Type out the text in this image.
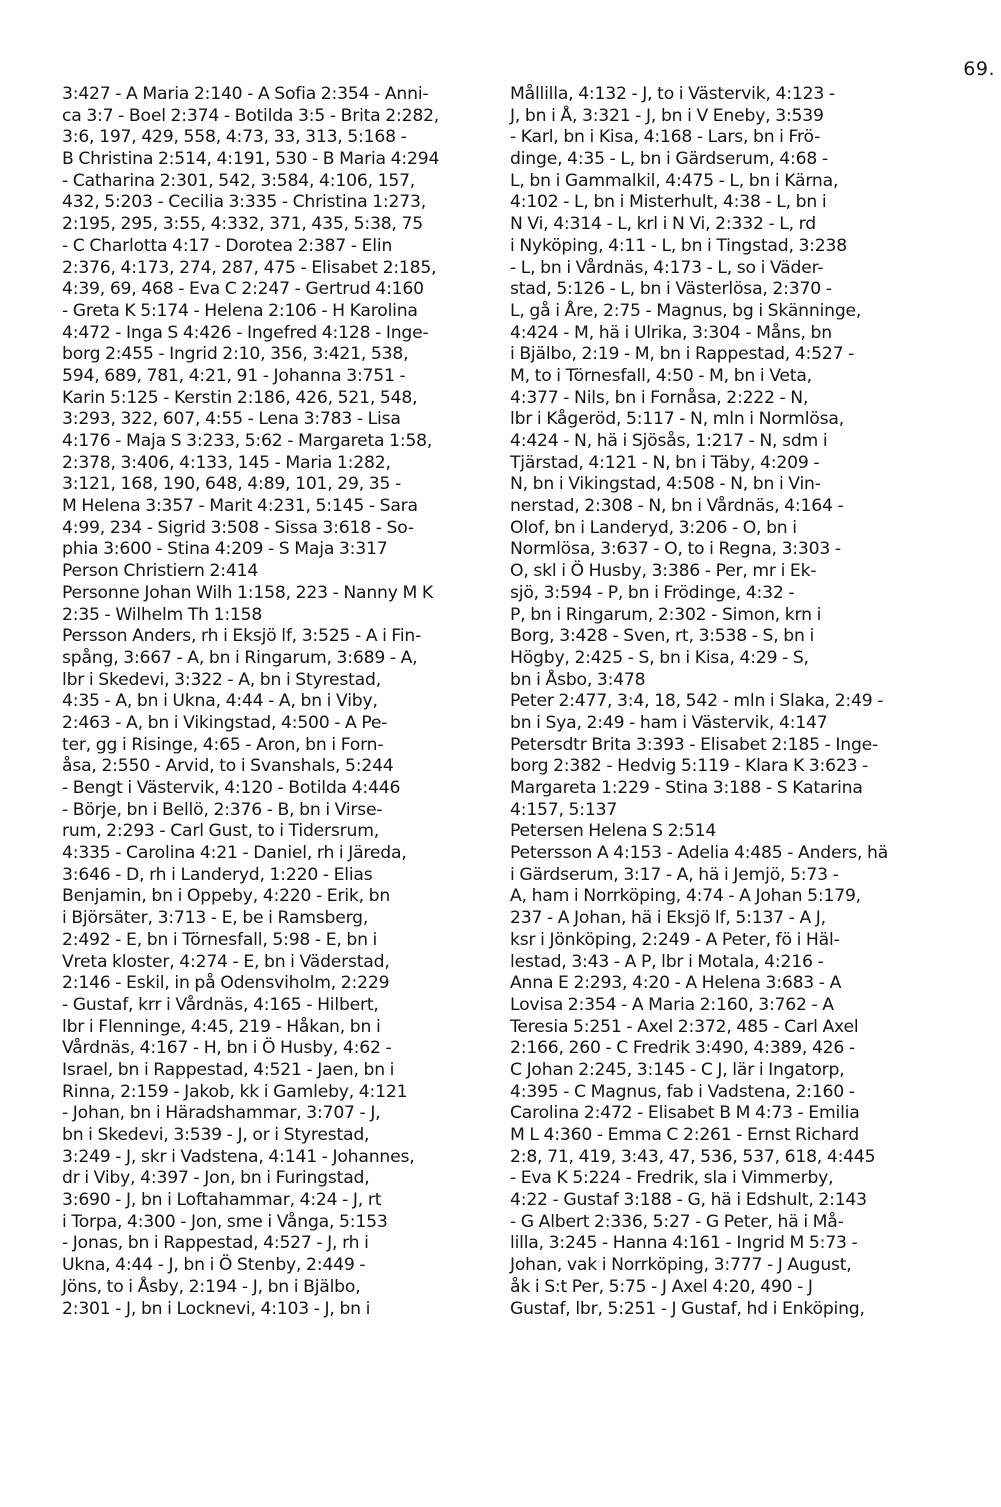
69.
3:427 - A Maria 2:140 - A Sofia 2:354 - Anni-
ca 3:7 - Boel 2:374 - Botilda 3:5 - Brita 2:282,
3:6, 197, 429, 558, 4:73, 33, 313, 5:168 -
B Christina 2:514, 4:191, 530 - B Maria 4:294
- Catharina 2:301, 542, 3:584, 4:106, 157,
432, 5:203 - Cecilia 3:335 - Christina 1:273,
2:195, 295, 3:55, 4:332, 371, 435, 5:38, 75
- C Charlotta 4:17 - Dorotea 2:387 - Elin
2:376, 4:173, 274, 287, 475 - Elisabet 2:185,
4:39, 69, 468 - Eva C 2:247 - Gertrud 4:160
- Greta K 5:174 - Helena 2:106 - H Karolina
4:472 - Inga S 4:426 - Ingefred 4:128 - Inge-
borg 2:455 - Ingrid 2:10, 356, 3:421, 538,
594, 689, 781, 4:21, 91 - Johanna 3:751 -
Karin 5:125 - Kerstin 2:186, 426, 521, 548,
3:293, 322, 607, 4:55 - Lena 3:783 - Lisa
4:176 - Maja S 3:233, 5:62 - Margareta 1:58,
2:378, 3:406, 4:133, 145 - Maria 1:282,
3:121, 168, 190, 648, 4:89, 101, 29, 35 -
M Helena 3:357 - Marit 4:231, 5:145 - Sara
4:99, 234 - Sigrid 3:508 - Sissa 3:618 - So-
phia 3:600 - Stina 4:209 - S Maja 3:317
Person Christiern 2:414
Personne Johan Wilh 1:158, 223 - Nanny M K
2:35 - Wilhelm Th 1:158
Persson Anders, rh i Eksjö lf, 3:525 - A i Fin-
spång, 3:667 - A, bn i Ringarum, 3:689 - A,
lbr i Skedevi, 3:322 - A, bn i Styrestad,
4:35 - A, bn i Ukna, 4:44 - A, bn i Viby,
2:463 - A, bn i Vikingstad, 4:500 - A Pe-
ter, gg i Risinge, 4:65 - Aron, bn i Forn-
åsa, 2:550 - Arvid, to i Svanshals, 5:244
- Bengt i Västervik, 4:120 - Botilda 4:446
- Börje, bn i Bellö, 2:376 - B, bn i Virse-
rum, 2:293 - Carl Gust, to i Tidersrum,
4:335 - Carolina 4:21 - Daniel, rh i Järeda,
3:646 - D, rh i Landeryd, 1:220 - Elias
Benjamin, bn i Oppeby, 4:220 - Erik, bn
i Björsäter, 3:713 - E, be i Ramsberg,
2:492 - E, bn i Törnesfall, 5:98 - E, bn i
Vreta kloster, 4:274 - E, bn i Väderstad,
2:146 - Eskil, in på Odensviholm, 2:229
- Gustaf, krr i Vårdnäs, 4:165 - Hilbert,
lbr i Flenninge, 4:45, 219 - Håkan, bn i
Vårdnäs, 4:167 - H, bn i Ö Husby, 4:62 -
Israel, bn i Rappestad, 4:521 - Jaen, bn i
Rinna, 2:159 - Jakob, kk i Gamleby, 4:121
- Johan, bn i Häradshammar, 3:707 - J,
bn i Skedevi, 3:539 - J, or i Styrestad,
3:249 - J, skr i Vadstena, 4:141 - Johannes,
dr i Viby, 4:397 - Jon, bn i Furingstad,
3:690 - J, bn i Loftahammar, 4:24 - J, rt
i Torpa, 4:300 - Jon, sme i Vånga, 5:153
- Jonas, bn i Rappestad, 4:527 - J, rh i
Ukna, 4:44 - J, bn i Ö Stenby, 2:449 -
Jöns, to i Åsby, 2:194 - J, bn i Bjälbo,
2:301 - J, bn i Locknevi, 4:103 - J, bn i
Mållilla, 4:132 - J, to i Västervik, 4:123 -
J, bn i Å, 3:321 - J, bn i V Eneby, 3:539
- Karl, bn i Kisa, 4:168 - Lars, bn i Frö-
dinge, 4:35 - L, bn i Gärdserum, 4:68 -
L, bn i Gammalkil, 4:475 - L, bn i Kärna,
4:102 - L, bn i Misterhult, 4:38 - L, bn i
N Vi, 4:314 - L, krl i N Vi, 2:332 - L, rd
i Nyköping, 4:11 - L, bn i Tingstad, 3:238
- L, bn i Vårdnäs, 4:173 - L, so i Väder-
stad, 5:126 - L, bn i Västerlösa, 2:370 -
L, gå i Åre, 2:75 - Magnus, bg i Skänninge,
4:424 - M, hä i Ulrika, 3:304 - Måns, bn
i Bjälbo, 2:19 - M, bn i Rappestad, 4:527 -
M, to i Törnesfall, 4:50 - M, bn i Veta,
4:377 - Nils, bn i Fornåsa, 2:222 - N,
lbr i Kågeröd, 5:117 - N, mln i Normlösa,
4:424 - N, hä i Sjösås, 1:217 - N, sdm i
Tjärstad, 4:121 - N, bn i Täby, 4:209 -
N, bn i Vikingstad, 4:508 - N, bn i Vin-
nerstad, 2:308 - N, bn i Vårdnäs, 4:164 -
Olof, bn i Landeryd, 3:206 - O, bn i
Normlösa, 3:637 - O, to i Regna, 3:303 -
O, skl i Ö Husby, 3:386 - Per, mr i Ek-
sjö, 3:594 - P, bn i Frödinge, 4:32 -
P, bn i Ringarum, 2:302 - Simon, krn i
Borg, 3:428 - Sven, rt, 3:538 - S, bn i
Högby, 2:425 - S, bn i Kisa, 4:29 - S,
bn i Åsbo, 3:478
Peter 2:477, 3:4, 18, 542 - mln i Slaka, 2:49 -
bn i Sya, 2:49 - ham i Västervik, 4:147
Petersdtr Brita 3:393 - Elisabet 2:185 - Inge-
borg 2:382 - Hedvig 5:119 - Klara K 3:623 -
Margareta 1:229 - Stina 3:188 - S Katarina
4:157, 5:137
Petersen Helena S 2:514
Petersson A 4:153 - Adelia 4:485 - Anders, hä
i Gärdserum, 3:17 - A, hä i Jemjö, 5:73 -
A, ham i Norrköping, 4:74 - A Johan 5:179,
237 - A Johan, hä i Eksjö lf, 5:137 - A J,
ksr i Jönköping, 2:249 - A Peter, fö i Häl-
lestad, 3:43 - A P, lbr i Motala, 4:216 -
Anna E 2:293, 4:20 - A Helena 3:683 - A
Lovisa 2:354 - A Maria 2:160, 3:762 - A
Teresia 5:251 - Axel 2:372, 485 - Carl Axel
2:166, 260 - C Fredrik 3:490, 4:389, 426 -
C Johan 2:245, 3:145 - C J, lär i Ingatorp,
4:395 - C Magnus, fab i Vadstena, 2:160 -
Carolina 2:472 - Elisabet B M 4:73 - Emilia
M L 4:360 - Emma C 2:261 - Ernst Richard
2:8, 71, 419, 3:43, 47, 536, 537, 618, 4:445
- Eva K 5:224 - Fredrik, sla i Vimmerby,
4:22 - Gustaf 3:188 - G, hä i Edshult, 2:143
- G Albert 2:336, 5:27 - G Peter, hä i Må-
lilla, 3:245 - Hanna 4:161 - Ingrid M 5:73 -
Johan, vak i Norrköping, 3:777 - J August,
åk i S:t Per, 5:75 - J Axel 4:20, 490 - J
Gustaf, lbr, 5:251 - J Gustaf, hd i Enköping,
